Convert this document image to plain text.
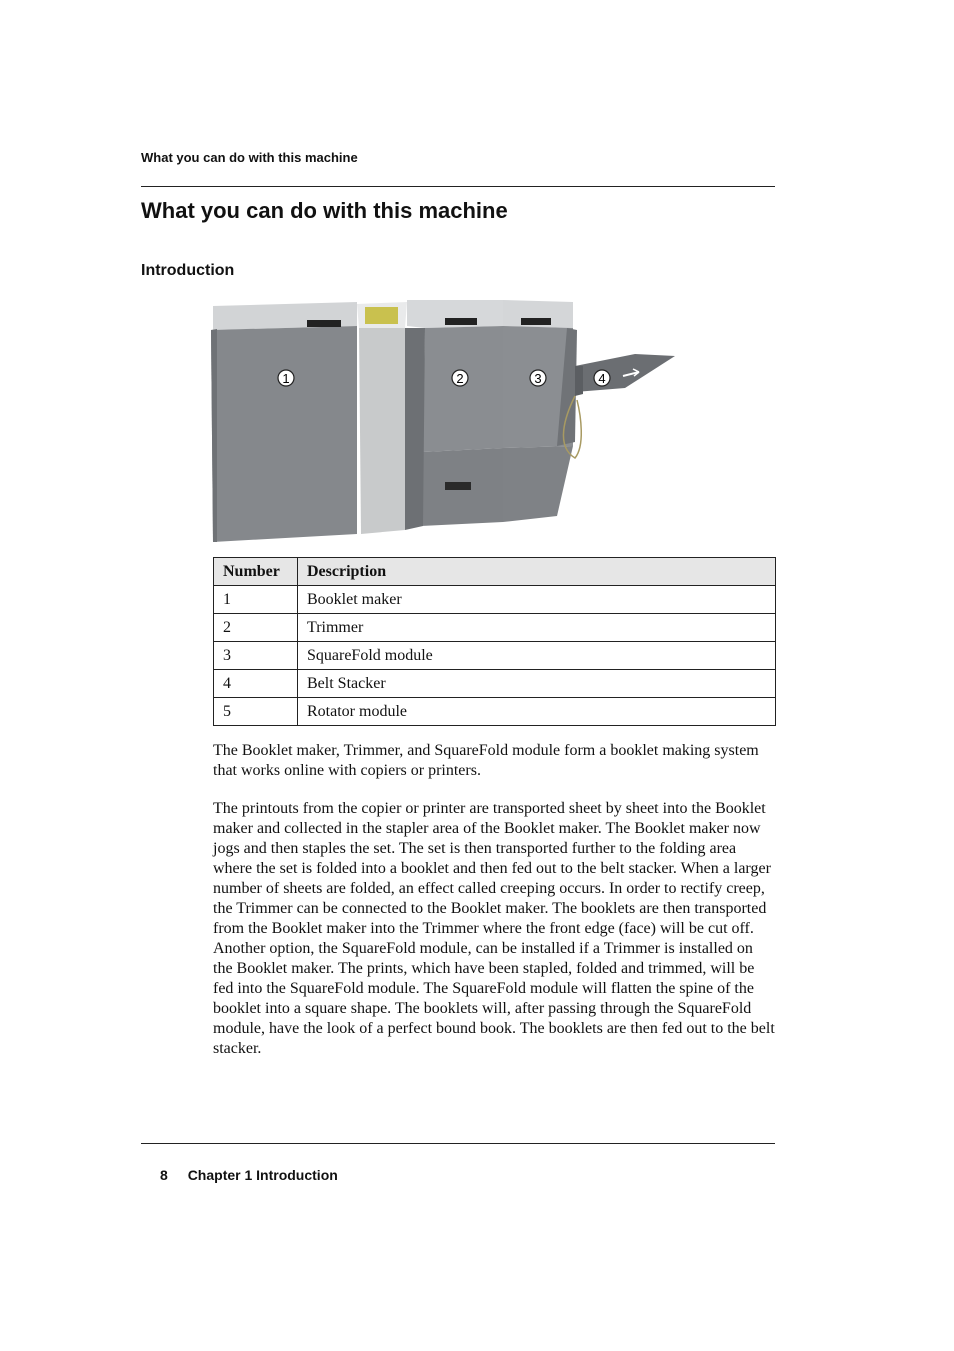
What you can do with this machine
What you can do with this machine
Introduction
1	2	3	4
Number	Description
1	Booklet maker
2	Trimmer
3	SquareFold module
4	Belt Stacker
5	Rotator module

The Booklet maker, Trimmer, and SquareFold module form a booklet making system that works online with copiers or printers.

The printouts from the copier or printer are transported sheet by sheet into the Booklet maker and collected in the stapler area of the Booklet maker. The Booklet maker now jogs and then staples the set. The set is then transported further to the folding area where the set is folded into a booklet and then fed out to the belt stacker. When a larger number of sheets are folded, an effect called creeping occurs. In order to rectify creep, the Trimmer can be connected to the Booklet maker. The booklets are then transported from the Booklet maker into the Trimmer where the front edge (face) will be cut off. Another option, the SquareFold module, can be installed if a Trimmer is installed on the Booklet maker. The prints, which have been stapled, folded and trimmed, will be fed into the SquareFold module. The SquareFold module will flatten the spine of the booklet into a square shape. The booklets will, after passing through the SquareFold module, have the look of a perfect bound book. The booklets are then fed out to the belt stacker.

8 Chapter 1 Introduction
